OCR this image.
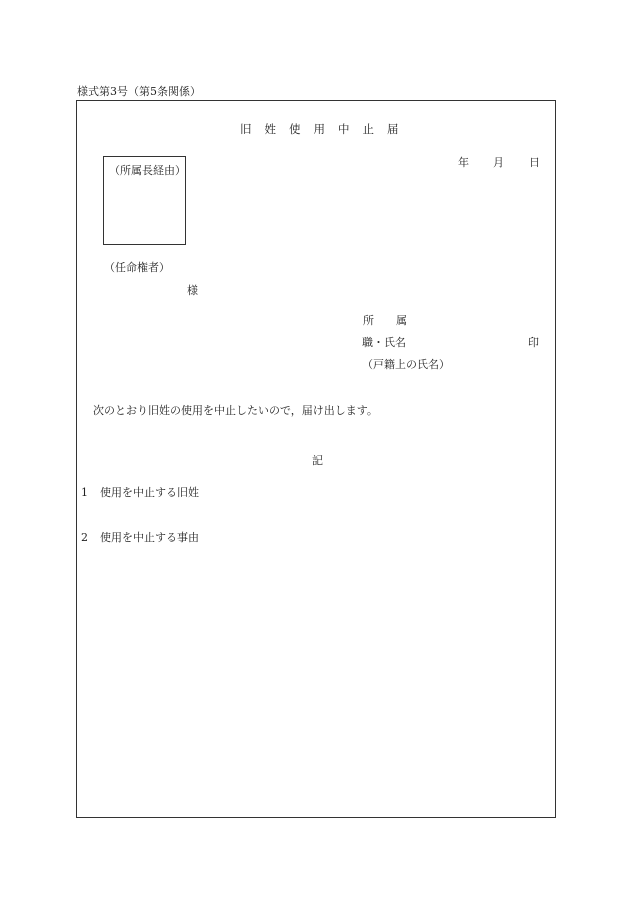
様式第3号（第5条関係）
旧姓使用中止届
年 月 日
（所属長経由）
（任命権者）
様
所　　属
職・氏名	印
（戸籍上の氏名）
次のとおり旧姓の使用を中止したいので，届け出します。
記
1 使用を中止する旧姓
2 使用を中止する事由
